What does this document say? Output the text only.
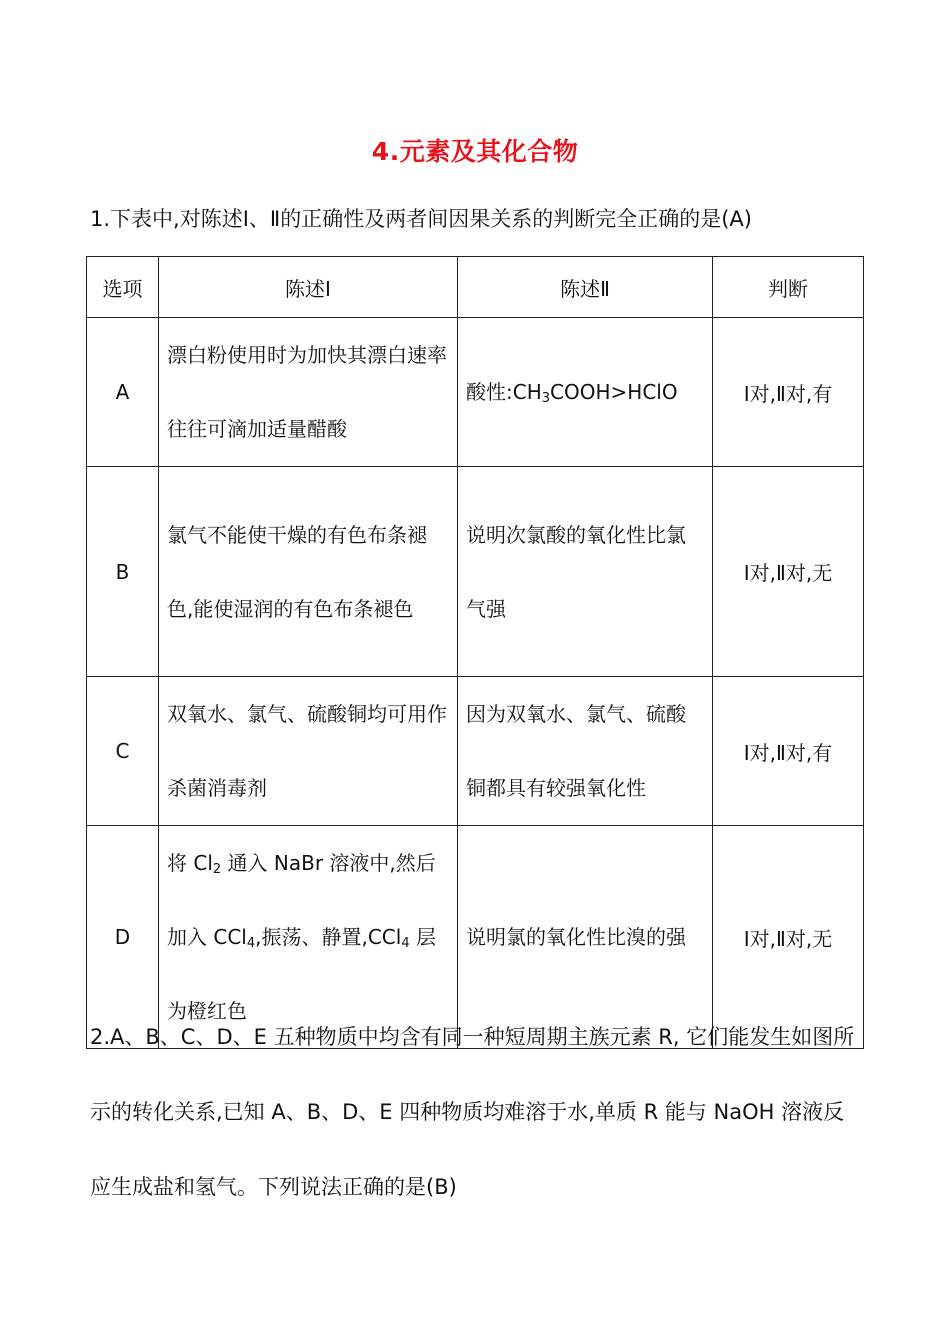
4.元素及其化合物
1.下表中,对陈述Ⅰ、Ⅱ的正确性及两者间因果关系的判断完全正确的是(A)
选项	陈述Ⅰ	陈述Ⅱ	判断
A	漂白粉使用时为加快其漂白速率往往可滴加适量醋酸	酸性$:CH_3COOH>HClO$	Ⅰ对,Ⅱ对,有
B	氯气不能使干燥的有色布条褪色,能使湿润的有色布条褪色	说明次氯酸的氧化性比氯气强	Ⅰ对,Ⅱ对,无
C	双氧水、氯气、硫酸铜均可用作杀菌消毒剂	因为双氧水、氯气、硫酸铜都具有较强氧化性	Ⅰ对,Ⅱ对,有
D	将 $Cl_2$ 通入 NaBr 溶液中,然后加入 CCl$_4$,振荡、静置,CCl$_4$ 层为橙红色	说明氯的氧化性比溴的强	Ⅰ对,Ⅱ对,无
2.A、B、C、D、E 五种物质中均含有同一种短周期主族元素 R, 它们能发生如图所示的转化关系,已知 A、B、D、E 四种物质均难溶于水,单质 R 能与 NaOH 溶液反应生成盐和氢气。下列说法正确的是(B)
